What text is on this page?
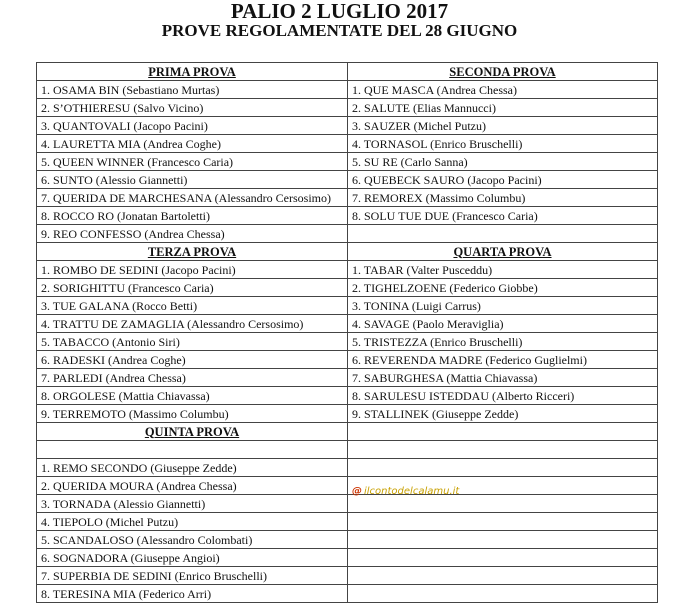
PALIO 2 LUGLIO 2017
PROVE REGOLAMENTATE DEL 28 GIUGNO
PRIMA PROVA	SECONDA PROVA
1. OSAMA BIN (Sebastiano Murtas)	1. QUE MASCA (Andrea Chessa)
2. S’OTHIERESU (Salvo Vicino)	2. SALUTE (Elias Mannucci)
3. QUANTOVALI (Jacopo Pacini)	3. SAUZER (Michel Putzu)
4. LAURETTA MIA (Andrea Coghe)	4. TORNASOL (Enrico Bruschelli)
5. QUEEN WINNER (Francesco Caria)	5. SU RE (Carlo Sanna)
6. SUNTO (Alessio Giannetti)	6. QUEBECK SAURO (Jacopo Pacini)
7. QUERIDA DE MARCHESANA (Alessandro Cersosimo)	7. REMOREX (Massimo Columbu)
8. ROCCO RO (Jonatan Bartoletti)	8. SOLU TUE DUE (Francesco Caria)
9. REO CONFESSO (Andrea Chessa)	
TERZA PROVA	QUARTA PROVA
1. ROMBO DE SEDINI (Jacopo Pacini)	1. TABAR (Valter Pusceddu)
2. SORIGHITTU (Francesco Caria)	2. TIGHELZOENE (Federico Giobbe)
3. TUE GALANA (Rocco Betti)	3. TONINA (Luigi Carrus)
4. TRATTU DE ZAMAGLIA (Alessandro Cersosimo)	4. SAVAGE (Paolo Meraviglia)
5. TABACCO (Antonio Siri)	5. TRISTEZZA (Enrico Bruschelli)
6. RADESKI (Andrea Coghe)	6. REVERENDA MADRE (Federico Guglielmi)
7. PARLEDI (Andrea Chessa)	7. SABURGHESA (Mattia Chiavassa)
8. ORGOLESE (Mattia Chiavassa)	8. SARULESU ISTEDDAU (Alberto Ricceri)
9. TERREMOTO (Massimo Columbu)	9. STALLINEK (Giuseppe Zedde)
QUINTA PROVA	

1. REMO SECONDO (Giuseppe Zedde)	
2. QUERIDA MOURA (Andrea Chessa)	
3. TORNADA (Alessio Giannetti)	
4. TIEPOLO (Michel Putzu)	
5. SCANDALOSO (Alessandro Colombati)	
6. SOGNADORA (Giuseppe Angioi)	
7. SUPERBIA DE SEDINI (Enrico Bruschelli)	
8. TERESINA MIA (Federico Arri)	
@ ilcontodelcalamu.it
